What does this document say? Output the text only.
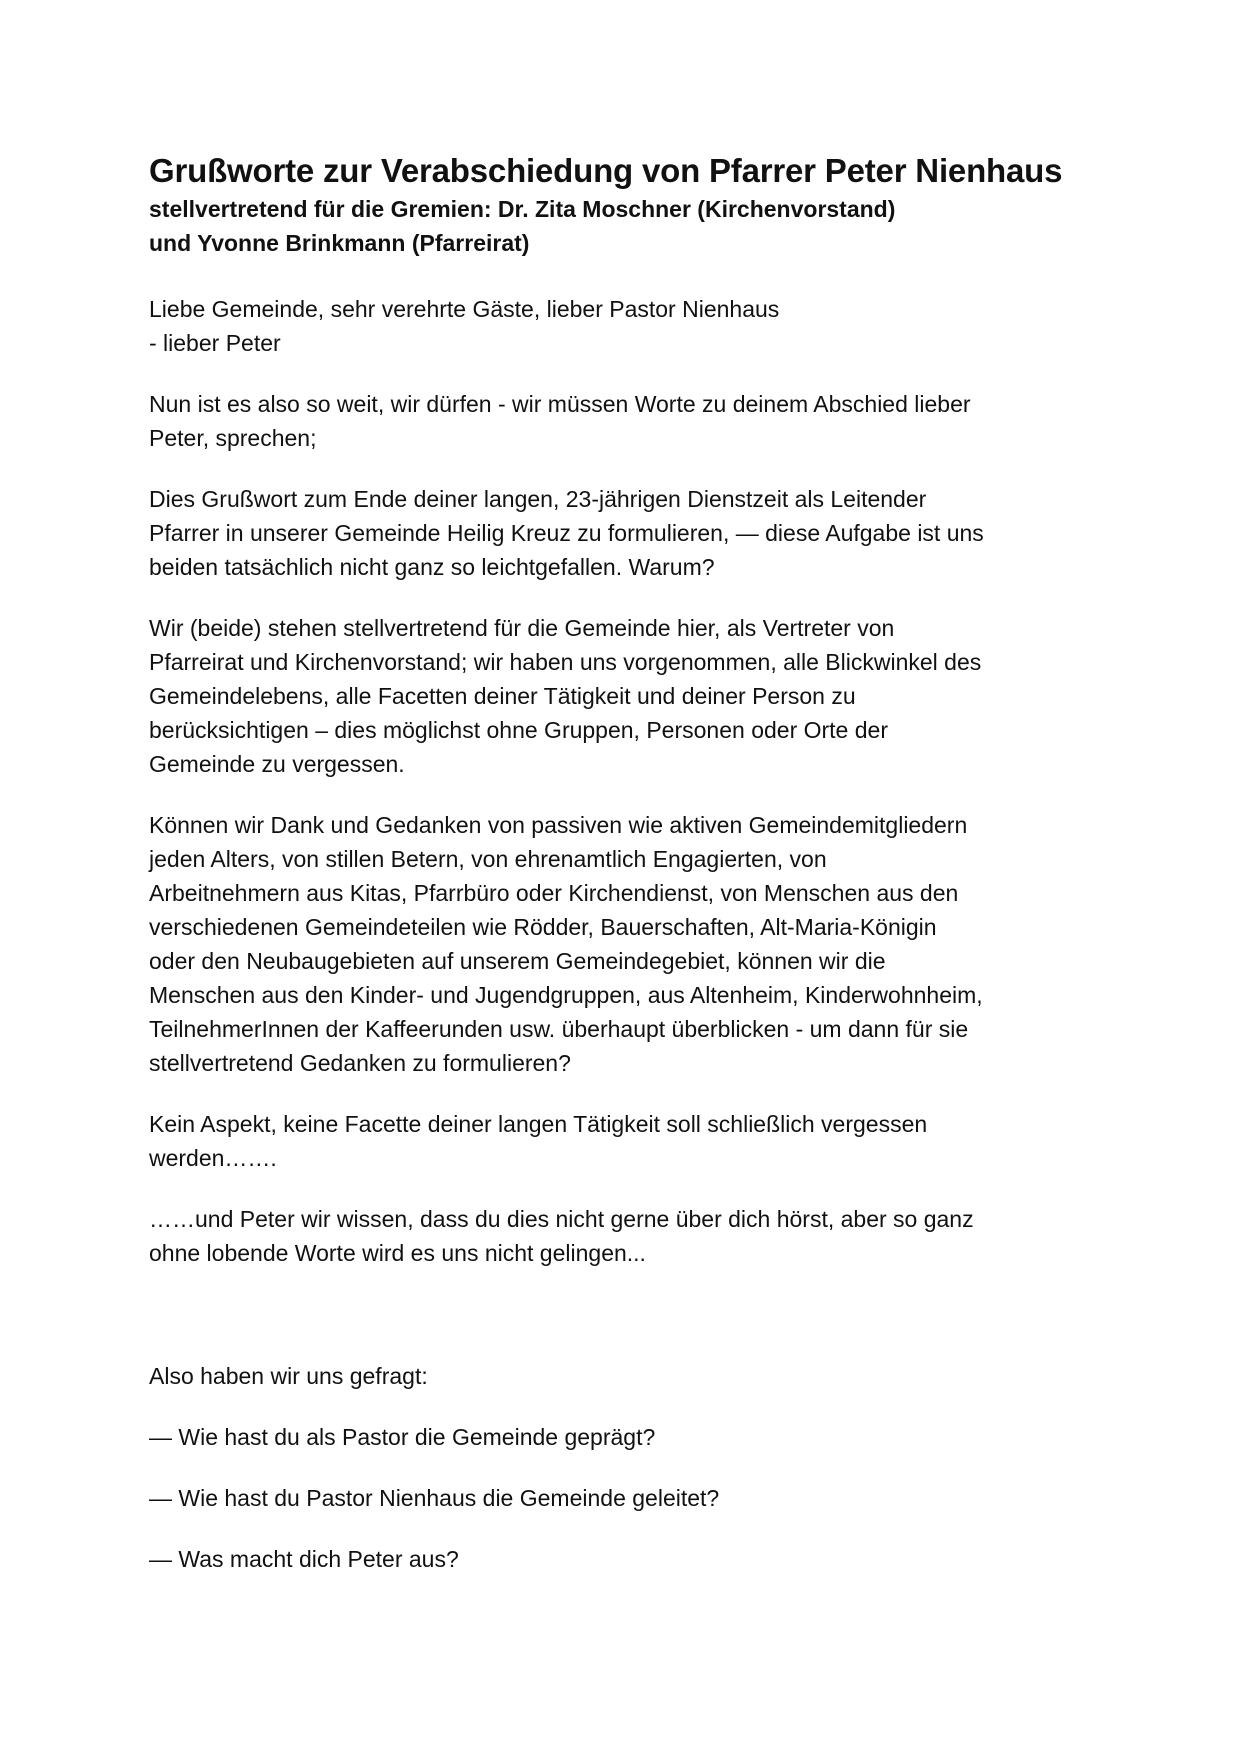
Grußworte zur Verabschiedung von Pfarrer Peter Nienhaus

stellvertretend für die Gremien: Dr. Zita Moschner (Kirchenvorstand)
und Yvonne Brinkmann (Pfarreirat)

Liebe Gemeinde, sehr verehrte Gäste, lieber Pastor Nienhaus
- lieber Peter

Nun ist es also so weit, wir dürfen - wir müssen Worte zu deinem Abschied lieber
Peter, sprechen;

Dies Grußwort zum Ende deiner langen, 23-jährigen Dienstzeit als Leitender
Pfarrer in unserer Gemeinde Heilig Kreuz zu formulieren, — diese Aufgabe ist uns
beiden tatsächlich nicht ganz so leichtgefallen. Warum?

Wir (beide) stehen stellvertretend für die Gemeinde hier, als Vertreter von
Pfarreirat und Kirchenvorstand; wir haben uns vorgenommen, alle Blickwinkel des
Gemeindelebens, alle Facetten deiner Tätigkeit und deiner Person zu
berücksichtigen – dies möglichst ohne Gruppen, Personen oder Orte der
Gemeinde zu vergessen.

Können wir Dank und Gedanken von passiven wie aktiven Gemeindemitgliedern
jeden Alters, von stillen Betern, von ehrenamtlich Engagierten, von
Arbeitnehmern aus Kitas, Pfarrbüro oder Kirchendienst, von Menschen aus den
verschiedenen Gemeindeteilen wie Rödder, Bauerschaften, Alt-Maria-Königin
oder den Neubaugebieten auf unserem Gemeindegebiet, können wir die
Menschen aus den Kinder- und Jugendgruppen, aus Altenheim, Kinderwohnheim,
TeilnehmerInnen der Kaffeerunden usw. überhaupt überblicken - um dann für sie
stellvertretend Gedanken zu formulieren?

Kein Aspekt, keine Facette deiner langen Tätigkeit soll schließlich vergessen
werden…….

……und Peter wir wissen, dass du dies nicht gerne über dich hörst, aber so ganz
ohne lobende Worte wird es uns nicht gelingen...

Also haben wir uns gefragt:

— Wie hast du als Pastor die Gemeinde geprägt?

— Wie hast du Pastor Nienhaus die Gemeinde geleitet?

— Was macht dich Peter aus?
